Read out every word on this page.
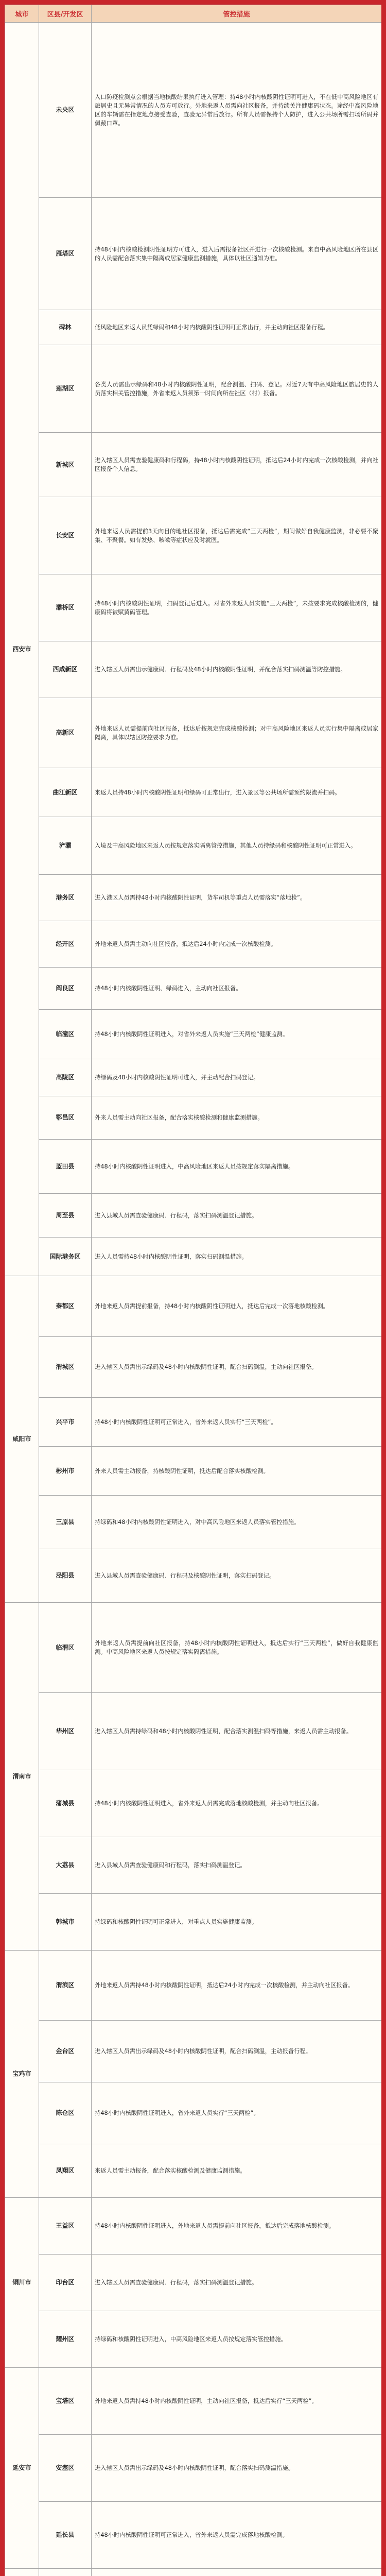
城市	区县/开发区	管控措施
西安市	未央区	入口防疫检测点会根据当地核酸结果执行进入管理：持48小时内核酸阴性证明可进入，不在低中高风险地区有旅居史且无异常情况的人员方可放行。外地来返人员需向社区报备，并持续关注健康码状态。途经中高风险地区的车辆需在指定地点接受查验，查验无异常后放行。所有人员需保持个人防护，进入公共场所需扫场所码并佩戴口罩。
	雁塔区	持48小时内核酸检测阴性证明方可进入，进入后需报备社区并进行一次核酸检测。来自中高风险地区所在县区的人员需配合落实集中隔离或居家健康监测措施，具体以社区通知为准。
	碑林	低风险地区来返人员凭绿码和48小时内核酸阴性证明可正常出行，并主动向社区报备行程。
	莲湖区	各类人员需出示绿码和48小时内核酸阴性证明，配合测温、扫码、登记。对近7天有中高风险地区旅居史的人员落实相关管控措施，外省来返人员须第一时间向所在社区（村）报备。
	新城区	进入辖区人员需查验健康码和行程码，持48小时内核酸阴性证明，抵达后24小时内完成一次核酸检测，并向社区报备个人信息。
	长安区	外地来返人员需提前3天向目的地社区报备，抵达后需完成“三天两检”，期间做好自我健康监测，非必要不聚集、不聚餐。如有发热、咳嗽等症状应及时就医。
	灞桥区	持48小时内核酸阴性证明，扫码登记后进入。对省外来返人员实施“三天两检”，未按要求完成核酸检测的，健康码将被赋黄码管理。
	西咸新区	进入辖区人员需出示健康码、行程码及48小时内核酸阴性证明，并配合落实扫码测温等防控措施。
	高新区	外地来返人员需提前向社区报备，抵达后按规定完成核酸检测；对中高风险地区来返人员实行集中隔离或居家隔离，具体以辖区防控要求为准。
	曲江新区	来返人员持48小时内核酸阴性证明和绿码可正常出行，进入景区等公共场所需预约限流并扫码。
	浐灞	入境及中高风险地区来返人员按规定落实隔离管控措施，其他人员持绿码和核酸阴性证明可正常进入。
	港务区	进入港区人员需持48小时内核酸阴性证明，货车司机等重点人员需落实“落地检”。
	经开区	外地来返人员需主动向社区报备，抵达后24小时内完成一次核酸检测。
	阎良区	持48小时内核酸阴性证明、绿码进入，主动向社区报备。
	临潼区	持48小时内核酸阴性证明进入，对省外来返人员实施“三天两检”健康监测。
	高陵区	持绿码及48小时内核酸阴性证明可进入，并主动配合扫码登记。
	鄠邑区	外来人员需主动向社区报备，配合落实核酸检测和健康监测措施。
	蓝田县	持48小时内核酸阴性证明进入，中高风险地区来返人员按规定落实隔离措施。
	周至县	进入县域人员需查验健康码、行程码，落实扫码测温登记措施。
	国际港务区	进入人员需持48小时内核酸阴性证明，落实扫码测温措施。
咸阳市	秦都区	外地来返人员需提前报备，持48小时内核酸阴性证明进入，抵达后完成一次落地核酸检测。
	渭城区	进入辖区人员需出示绿码及48小时内核酸阴性证明，配合扫码测温，主动向社区报备。
	兴平市	持48小时内核酸阴性证明可正常进入，省外来返人员实行“三天两检”。
	彬州市	外来人员需主动报备，持核酸阴性证明，抵达后配合落实核酸检测。
	三原县	持绿码和48小时内核酸阴性证明进入，对中高风险地区来返人员落实管控措施。
	泾阳县	进入县域人员需查验健康码、行程码及核酸阴性证明，落实扫码登记。
渭南市	临渭区	外地来返人员需提前向社区报备，持48小时内核酸阴性证明进入，抵达后实行“三天两检”，做好自我健康监测。中高风险地区来返人员按规定落实隔离措施。
	华州区	进入辖区人员需持绿码和48小时内核酸阴性证明，配合落实测温扫码等措施，来返人员需主动报备。
	蒲城县	持48小时内核酸阴性证明进入，省外来返人员需完成落地核酸检测，并主动向社区报备。
	大荔县	进入县域人员需查验健康码和行程码，落实扫码测温登记。
	韩城市	持绿码和核酸阴性证明可正常进入，对重点人员实施健康监测。
宝鸡市	渭滨区	外地来返人员需持48小时内核酸阴性证明，抵达后24小时内完成一次核酸检测，并主动向社区报备。
	金台区	进入辖区人员需出示绿码及48小时内核酸阴性证明，配合扫码测温，主动报备行程。
	陈仓区	持48小时内核酸阴性证明进入，省外来返人员实行“三天两检”。
	凤翔区	来返人员需主动报备，配合落实核酸检测及健康监测措施。
铜川市	王益区	持48小时内核酸阴性证明进入，外地来返人员需提前向社区报备，抵达后完成落地核酸检测。
	印台区	进入辖区人员需查验健康码、行程码，落实扫码测温登记措施。
	耀州区	持绿码和核酸阴性证明进入，中高风险地区来返人员按规定落实管控措施。
延安市	宝塔区	外地来返人员需持48小时内核酸阴性证明，主动向社区报备，抵达后实行“三天两检”。
	安塞区	进入辖区人员需出示绿码及48小时内核酸阴性证明，配合落实扫码测温措施。
	延长县	持48小时内核酸阴性证明可正常进入，省外来返人员需完成落地核酸检测。
